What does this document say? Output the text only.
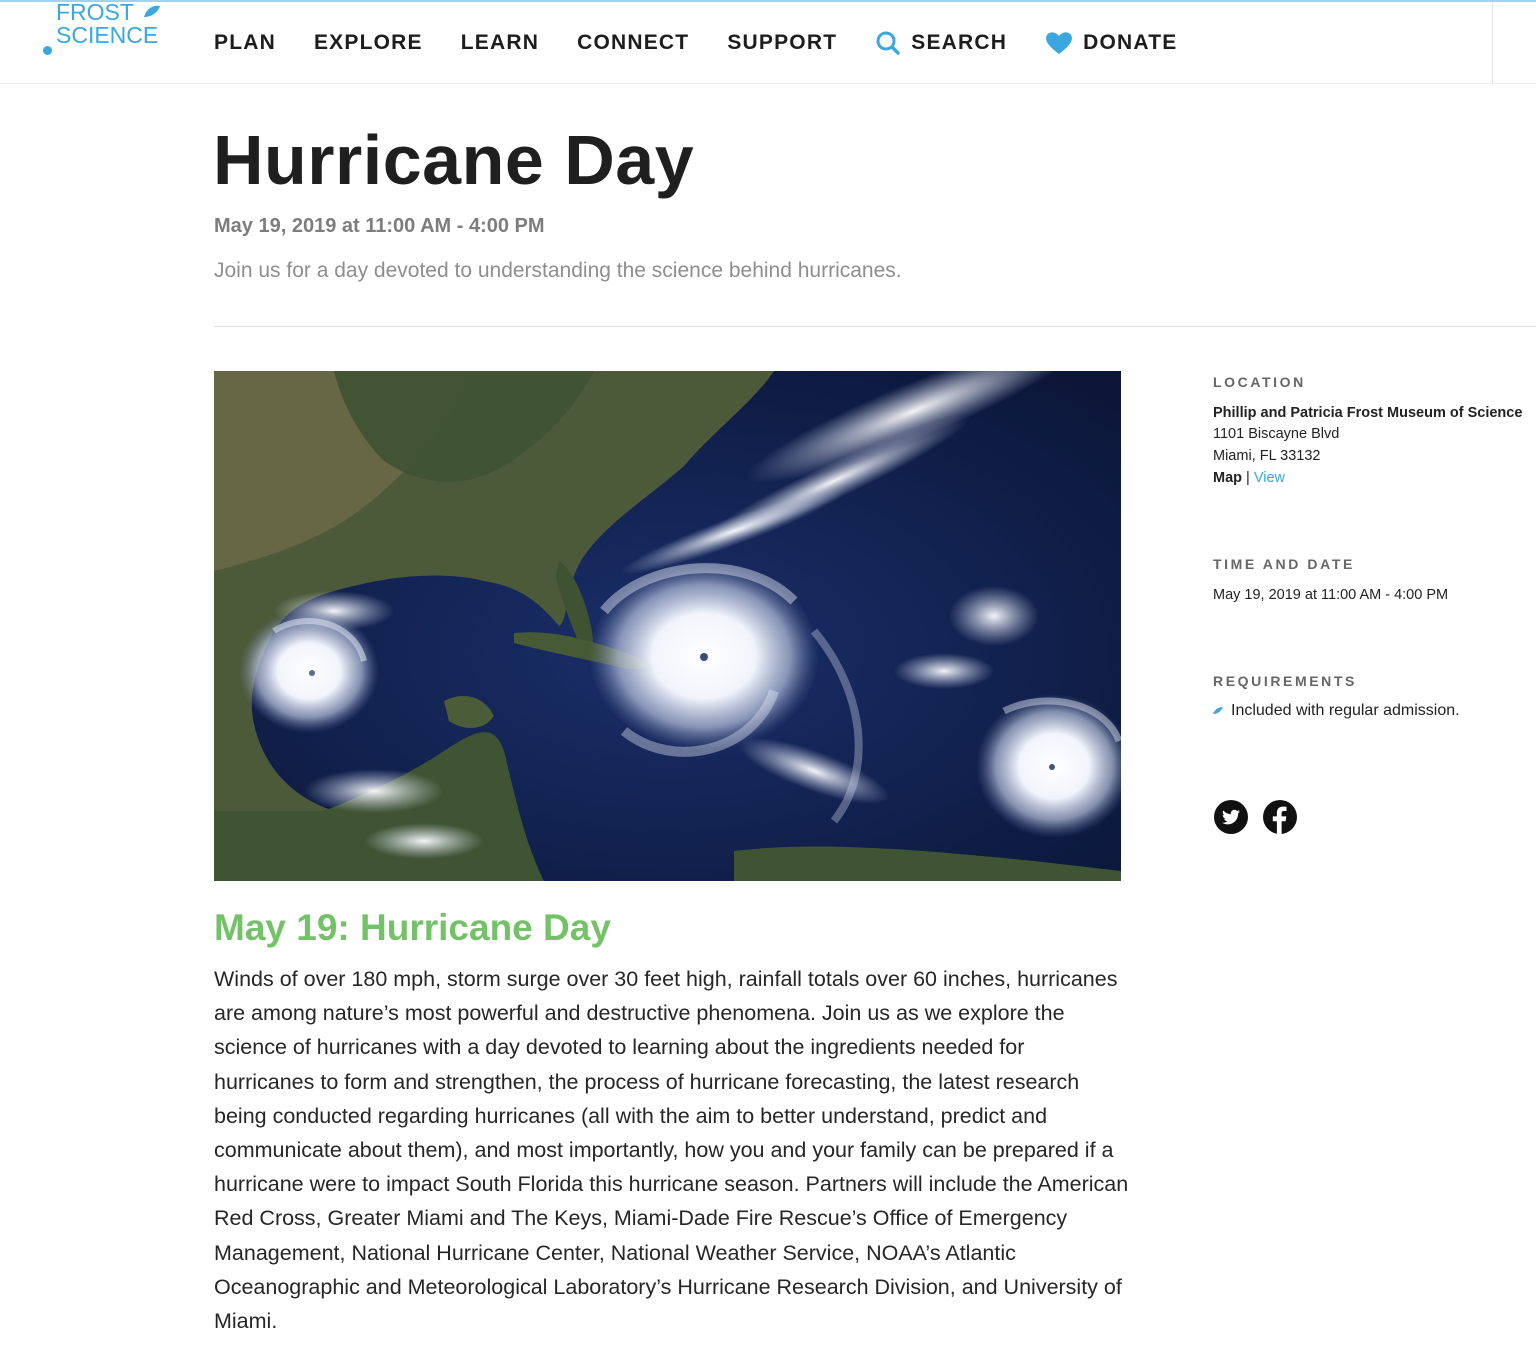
FROST
SCIENCE	PLAN EXPLORE LEARN CONNECT SUPPORT	SEARCH	DONATE
Hurricane Day
May 19, 2019 at 11:00 AM - 4:00 PM
Join us for a day devoted to understanding the science behind hurricanes.
May 19: Hurricane Day

Winds of over 180 mph, storm surge over 30 feet high, rainfall totals over 60 inches, hurricanes are among nature’s most powerful and destructive phenomena. Join us as we explore the science of hurricanes with a day devoted to learning about the ingredients needed for hurricanes to form and strengthen, the process of hurricane forecasting, the latest research being conducted regarding hurricanes (all with the aim to better understand, predict and communicate about them), and most importantly, how you and your family can be prepared if a hurricane were to impact South Florida this hurricane season. Partners will include the American Red Cross, Greater Miami and The Keys, Miami-Dade Fire Rescue’s Office of Emergency Management, National Hurricane Center, National Weather Service, NOAA’s Atlantic Oceanographic and Meteorological Laboratory’s Hurricane Research Division, and University of Miami.

LOCATION
Phillip and Patricia Frost Museum of Science
1101 Biscayne Blvd
Miami, FL 33132
Map | View
TIME AND DATE
May 19, 2019 at 11:00 AM - 4:00 PM
REQUIREMENTS
Included with regular admission.
